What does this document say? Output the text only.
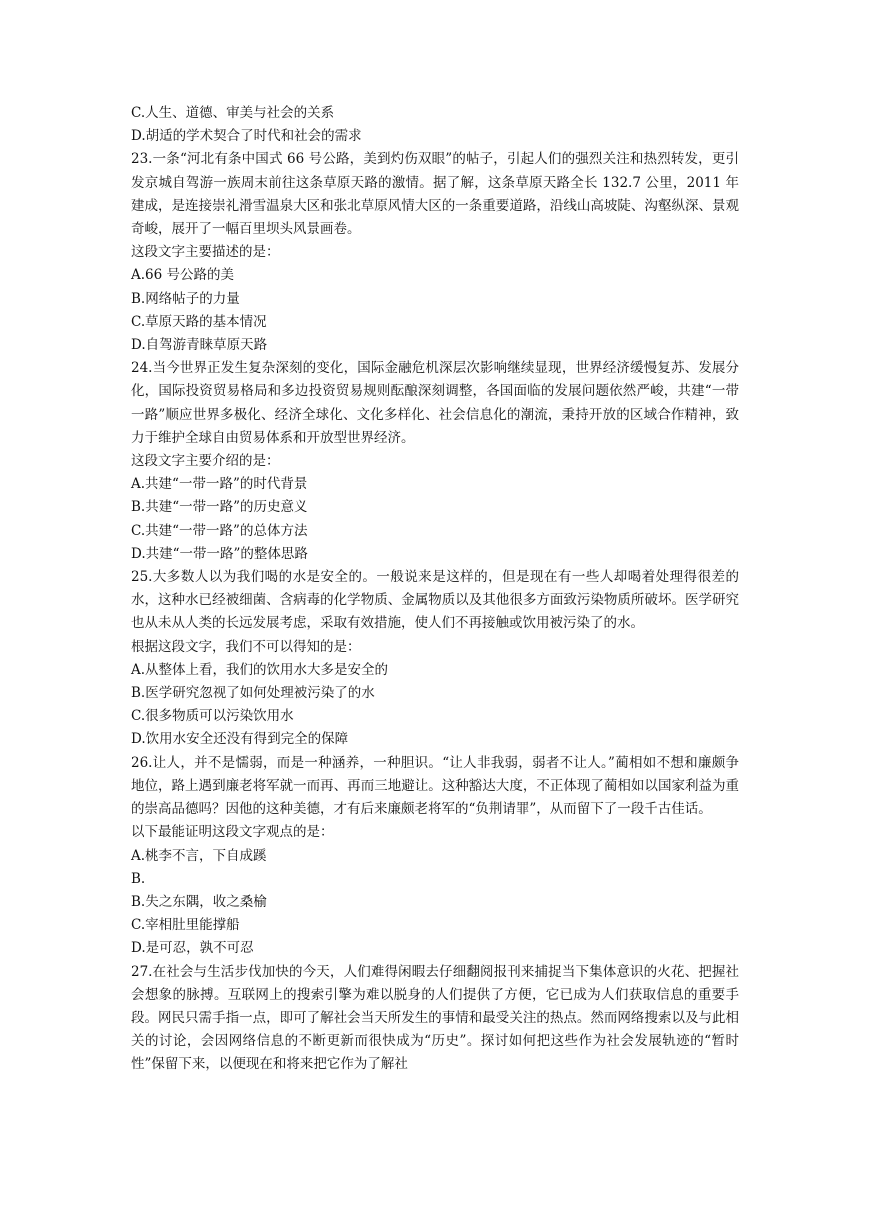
C.人生、道德、审美与社会的关系

D.胡适的学术契合了时代和社会的需求

23.一条“河北有条中国式 66 号公路，美到灼伤双眼”的帖子，引起人们的强烈关注和热烈转发，更引发京城自驾游一族周末前往这条草原天路的激情。据了解，这条草原天路全长 132.7 公里，2011 年建成，是连接崇礼滑雪温泉大区和张北草原风情大区的一条重要道路，沿线山高坡陡、沟壑纵深、景观奇峻，展开了一幅百里坝头风景画卷。

这段文字主要描述的是：

A.66 号公路的美

B.网络帖子的力量

C.草原天路的基本情况

D.自驾游青睐草原天路

24.当今世界正发生复杂深刻的变化，国际金融危机深层次影响继续显现，世界经济缓慢复苏、发展分化，国际投资贸易格局和多边投资贸易规则酝酿深刻调整，各国面临的发展问题依然严峻，共建“一带一路”顺应世界多极化、经济全球化、文化多样化、社会信息化的潮流，秉持开放的区域合作精神，致力于维护全球自由贸易体系和开放型世界经济。

这段文字主要介绍的是：

A.共建“一带一路”的时代背景

B.共建“一带一路”的历史意义

C.共建“一带一路”的总体方法

D.共建“一带一路”的整体思路

25.大多数人以为我们喝的水是安全的。一般说来是这样的，但是现在有一些人却喝着处理得很差的水，这种水已经被细菌、含病毒的化学物质、金属物质以及其他很多方面致污染物质所破坏。医学研究也从未从人类的长远发展考虑，采取有效措施，使人们不再接触或饮用被污染了的水。

根据这段文字，我们不可以得知的是：

A.从整体上看，我们的饮用水大多是安全的

B.医学研究忽视了如何处理被污染了的水

C.很多物质可以污染饮用水

D.饮用水安全还没有得到完全的保障

26.让人，并不是懦弱，而是一种涵养，一种胆识。“让人非我弱，弱者不让人。”蔺相如不想和廉颇争地位，路上遇到廉老将军就一而再、再而三地避让。这种豁达大度，不正体现了蔺相如以国家利益为重的崇高品德吗？因他的这种美德，才有后来廉颇老将军的“负荆请罪”，从而留下了一段千古佳话。

以下最能证明这段文字观点的是：

A.桃李不言，下自成蹊

B.

B.失之东隅，收之桑榆

C.宰相肚里能撑船

D.是可忍，孰不可忍

27.在社会与生活步伐加快的今天，人们难得闲暇去仔细翻阅报刊来捕捉当下集体意识的火花、把握社会想象的脉搏。互联网上的搜索引擎为难以脱身的人们提供了方便，它已成为人们获取信息的重要手段。网民只需手指一点，即可了解社会当天所发生的事情和最受关注的热点。然而网络搜索以及与此相关的讨论，会因网络信息的不断更新而很快成为“历史”。探讨如何把这些作为社会发展轨迹的“暂时性”保留下来，以便现在和将来把它作为了解社
